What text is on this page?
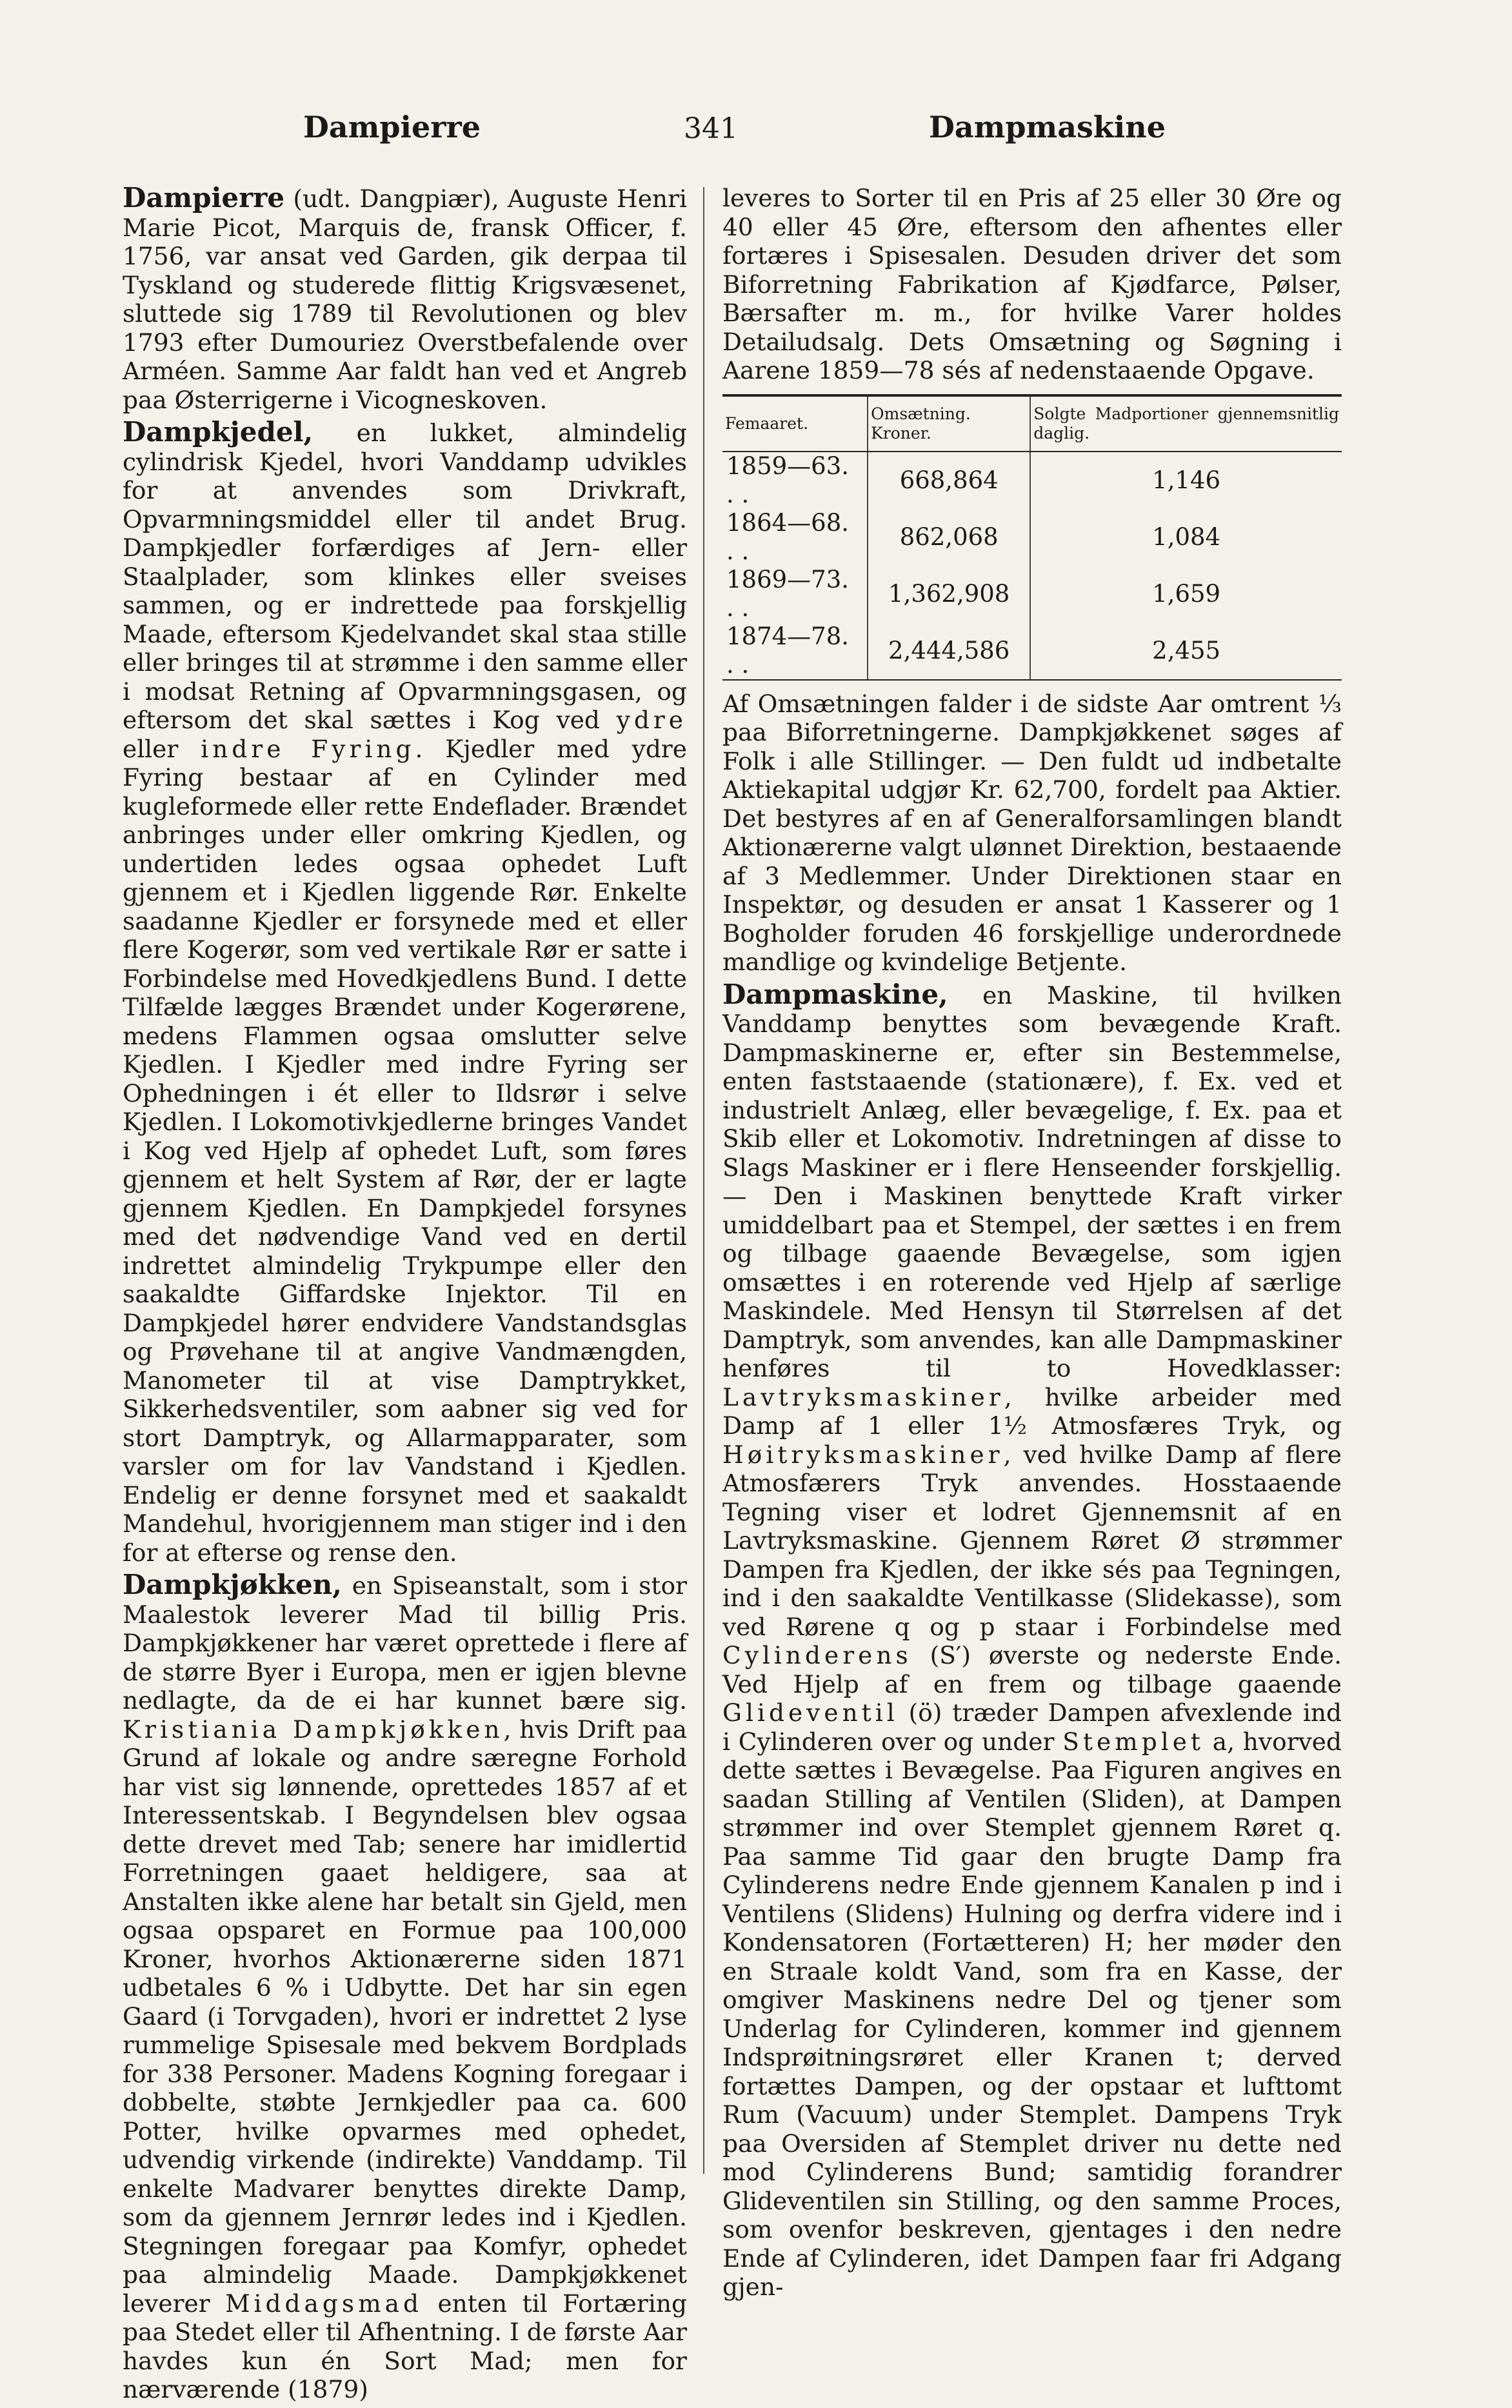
Dampierre	341	Dampmaskine

Dampierre (udt. Dangpiær), Auguste Henri Marie Picot, Marquis de, fransk Officer, f. 1756, var ansat ved Garden, gik derpaa til Tyskland og studerede flittig Krigsvæsenet, sluttede sig 1789 til Revolutionen og blev 1793 efter Dumouriez Overstbefalende over Arméen. Samme Aar faldt han ved et Angreb paa Østerrigerne i Vicogneskoven.

Dampkjedel, en lukket, almindelig cylindrisk Kjedel, hvori Vanddamp udvikles for at anvendes som Drivkraft, Opvarmningsmiddel eller til andet Brug. Dampkjedler forfærdiges af Jern- eller Staalplader, som klinkes eller sveises sammen, og er indrettede paa forskjellig Maade, eftersom Kjedelvandet skal staa stille eller bringes til at strømme i den samme eller i modsat Retning af Opvarmningsgasen, og eftersom det skal sættes i Kog ved ydre eller indre Fyring. Kjedler med ydre Fyring bestaar af en Cylinder med kugleformede eller rette Endeflader. Brændet anbringes under eller omkring Kjedlen, og undertiden ledes ogsaa ophedet Luft gjennem et i Kjedlen liggende Rør. Enkelte saadanne Kjedler er forsynede med et eller flere Kogerør, som ved vertikale Rør er satte i Forbindelse med Hovedkjedlens Bund. I dette Tilfælde lægges Brændet under Kogerørene, medens Flammen ogsaa omslutter selve Kjedlen. I Kjedler med indre Fyring ser Ophedningen i ét eller to Ildsrør i selve Kjedlen. I Lokomotivkjedlerne bringes Vandet i Kog ved Hjelp af ophedet Luft, som føres gjennem et helt System af Rør, der er lagte gjennem Kjedlen. En Dampkjedel forsynes med det nødvendige Vand ved en dertil indrettet almindelig Trykpumpe eller den saakaldte Giffardske Injektor. Til en Dampkjedel hører endvidere Vandstandsglas og Prøvehane til at angive Vandmængden, Manometer til at vise Damptrykket, Sikkerhedsventiler, som aabner sig ved for stort Damptryk, og Allarmapparater, som varsler om for lav Vandstand i Kjedlen. Endelig er denne forsynet med et saakaldt Mandehul, hvorigjennem man stiger ind i den for at efterse og rense den.

Dampkjøkken, en Spiseanstalt, som i stor Maalestok leverer Mad til billig Pris. Dampkjøkkener har været oprettede i flere af de større Byer i Europa, men er igjen blevne nedlagte, da de ei har kunnet bære sig. Kristiania Dampkjøkken, hvis Drift paa Grund af lokale og andre særegne Forhold har vist sig lønnende, oprettedes 1857 af et Interessentskab. I Begyndelsen blev ogsaa dette drevet med Tab; senere har imidlertid Forretningen gaaet heldigere, saa at Anstalten ikke alene har betalt sin Gjeld, men ogsaa opsparet en Formue paa 100,000 Kroner, hvorhos Aktionærerne siden 1871 udbetales 6 % i Udbytte. Det har sin egen Gaard (i Torvgaden), hvori er indrettet 2 lyse rummelige Spisesale med bekvem Bordplads for 338 Personer. Madens Kogning foregaar i dobbelte, støbte Jernkjedler paa ca. 600 Potter, hvilke opvarmes med ophedet, udvendig virkende (indirekte) Vanddamp. Til enkelte Madvarer benyttes direkte Damp, som da gjennem Jernrør ledes ind i Kjedlen. Stegningen foregaar paa Komfyr, ophedet paa almindelig Maade. Dampkjøkkenet leverer Middagsmad enten til Fortæring paa Stedet eller til Afhentning. I de første Aar havdes kun én Sort Mad; men for nærværende (1879)

leveres to Sorter til en Pris af 25 eller 30 Øre og 40 eller 45 Øre, eftersom den afhentes eller fortæres i Spisesalen. Desuden driver det som Biforretning Fabrikation af Kjødfarce, Pølser, Bærsafter m. m., for hvilke Varer holdes Detailudsalg. Dets Omsætning og Søgning i Aarene 1859—78 sés af nedenstaaende Opgave.

Femaaret.	Omsætning. Kroner.	Solgte Madportioner gjennemsnitlig daglig.
1859—63. . .	668,864	1,146
1864—68. . .	862,068	1,084
1869—73. . .	1,362,908	1,659
1874—78. . .	2,444,586	2,455

Af Omsætningen falder i de sidste Aar omtrent ⅓ paa Biforretningerne. Dampkjøkkenet søges af Folk i alle Stillinger. — Den fuldt ud indbetalte Aktiekapital udgjør Kr. 62,700, fordelt paa Aktier. Det bestyres af en af Generalforsamlingen blandt Aktionærerne valgt ulønnet Direktion, bestaaende af 3 Medlemmer. Under Direktionen staar en Inspektør, og desuden er ansat 1 Kasserer og 1 Bogholder foruden 46 forskjellige underordnede mandlige og kvindelige Betjente.

Dampmaskine, en Maskine, til hvilken Vanddamp benyttes som bevægende Kraft. Dampmaskinerne er, efter sin Bestemmelse, enten faststaaende (stationære), f. Ex. ved et industrielt Anlæg, eller bevægelige, f. Ex. paa et Skib eller et Lokomotiv. Indretningen af disse to Slags Maskiner er i flere Henseender forskjellig. — Den i Maskinen benyttede Kraft virker umiddelbart paa et Stempel, der sættes i en frem og tilbage gaaende Bevægelse, som igjen omsættes i en roterende ved Hjelp af særlige Maskindele. Med Hensyn til Størrelsen af det Damptryk, som anvendes, kan alle Dampmaskiner henføres til to Hovedklasser: Lavtryksmaskiner, hvilke arbeider med Damp af 1 eller 1½ Atmosfæres Tryk, og Høitryksmaskiner, ved hvilke Damp af flere Atmosfærers Tryk anvendes. Hosstaaende Tegning viser et lodret Gjennemsnit af en Lavtryksmaskine. Gjennem Røret Ø strømmer Dampen fra Kjedlen, der ikke sés paa Tegningen, ind i den saakaldte Ventilkasse (Slidekasse), som ved Rørene q og p staar i Forbindelse med Cylinderens (S′) øverste og nederste Ende. Ved Hjelp af en frem og tilbage gaaende Glideventil (ö) træder Dampen afvexlende ind i Cylinderen over og under Stemplet a, hvorved dette sættes i Bevægelse. Paa Figuren angives en saadan Stilling af Ventilen (Sliden), at Dampen strømmer ind over Stemplet gjennem Røret q. Paa samme Tid gaar den brugte Damp fra Cylinderens nedre Ende gjennem Kanalen p ind i Ventilens (Slidens) Hulning og derfra videre ind i Kondensatoren (Fortætteren) H; her møder den en Straale koldt Vand, som fra en Kasse, der omgiver Maskinens nedre Del og tjener som Underlag for Cylinderen, kommer ind gjennem Indsprøitningsrøret eller Kranen t; derved fortættes Dampen, og der opstaar et lufttomt Rum (Vacuum) under Stemplet. Dampens Tryk paa Oversiden af Stemplet driver nu dette ned mod Cylinderens Bund; samtidig forandrer Glideventilen sin Stilling, og den samme Proces, som ovenfor beskreven, gjentages i den nedre Ende af Cylinderen, idet Dampen faar fri Adgang gjen-
